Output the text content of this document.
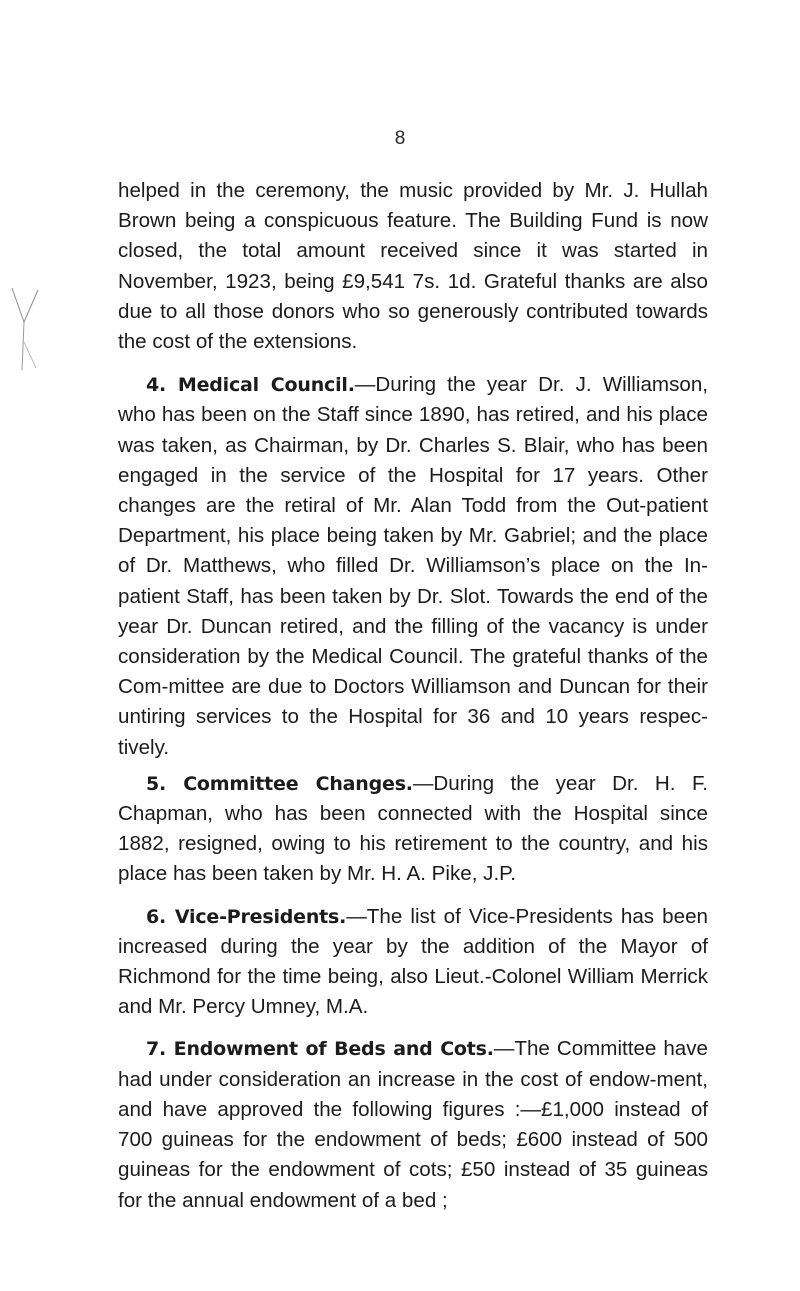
8

helped in the ceremony, the music provided by Mr. J. Hullah Brown being a conspicuous feature. The Building Fund is now closed, the total amount received since it was started in November, 1923, being £9,541 7s. 1d. Grateful thanks are also due to all those donors who so generously contributed towards the cost of the extensions.

4. Medical Council.—During the year Dr. J. Williamson, who has been on the Staff since 1890, has retired, and his place was taken, as Chairman, by Dr. Charles S. Blair, who has been engaged in the service of the Hospital for 17 years. Other changes are the retiral of Mr. Alan Todd from the Out-patient Department, his place being taken by Mr. Gabriel; and the place of Dr. Matthews, who filled Dr. Williamson’s place on the In-patient Staff, has been taken by Dr. Slot. Towards the end of the year Dr. Duncan retired, and the filling of the vacancy is under consideration by the Medical Council. The grateful thanks of the Com-mittee are due to Doctors Williamson and Duncan for their untiring services to the Hospital for 36 and 10 years respec-tively.

5. Committee Changes.—During the year Dr. H. F. Chapman, who has been connected with the Hospital since 1882, resigned, owing to his retirement to the country, and his place has been taken by Mr. H. A. Pike, J.P.

6. Vice-Presidents.—The list of Vice-Presidents has been increased during the year by the addition of the Mayor of Richmond for the time being, also Lieut.-Colonel William Merrick and Mr. Percy Umney, M.A.

7. Endowment of Beds and Cots.—The Committee have had under consideration an increase in the cost of endow-ment, and have approved the following figures :—£1,000 instead of 700 guineas for the endowment of beds; £600 instead of 500 guineas for the endowment of cots; £50 instead of 35 guineas for the annual endowment of a bed ;
